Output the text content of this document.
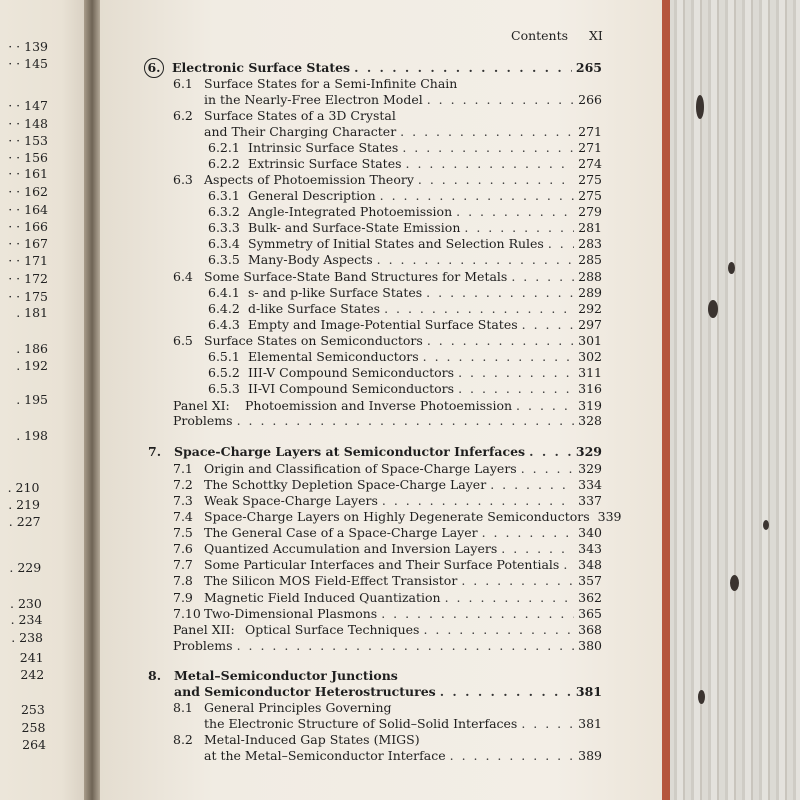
· · 139
· · 145
· · 147
· · 148
· · 153
· · 156
· · 161
· · 162
· · 164
· · 166
· · 167
· · 171
· · 172
· · 175
. 181
. 186
. 192
. 195
. 198
. 210
. 219
. 227
. 229
. 230
. 234
. 238
241
242
253
258
264
Contents XI
6. Electronic Surface States . . .	265
6.1 Surface States for a Semi-Infinite Chain
in the Nearly-Free Electron Model . . .	266
6.2 Surface States of a 3D Crystal
and Their Charging Character . . .	271
6.2.1 Intrinsic Surface States . . .	271
6.2.2 Extrinsic Surface States . . .	274
6.3 Aspects of Photoemission Theory . . .	275
6.3.1 General Description . . .	275
6.3.2 Angle-Integrated Photoemission . . .	279
6.3.3 Bulk- and Surface-State Emission . . .	281
6.3.4 Symmetry of Initial States and Selection Rules . . .	283
6.3.5 Many-Body Aspects . . .	285
6.4 Some Surface-State Band Structures for Metals . . .	288
6.4.1 s- and p-like Surface States . . .	289
6.4.2 d-like Surface States . . .	292
6.4.3 Empty and Image-Potential Surface States . . .	297
6.5 Surface States on Semiconductors . . .	301
6.5.1 Elemental Semiconductors . . .	302
6.5.2 III-V Compound Semiconductors . . .	311
6.5.3 II-VI Compound Semiconductors . . .	316
Panel XI:	Photoemission and Inverse Photoemission . . .	319
Problems . . .	328
7.	Space-Charge Layers at Semiconductor Inferfaces . . .	329
7.1 Origin and Classification of Space-Charge Layers . . .	329
7.2 The Schottky Depletion Space-Charge Layer . . .	334
7.3 Weak Space-Charge Layers . . .	337
7.4 Space-Charge Layers on Highly Degenerate Semiconductors 339
7.5 The General Case of a Space-Charge Layer . . .	340
7.6 Quantized Accumulation and Inversion Layers . . .	343
7.7 Some Particular Interfaces and Their Surface Potentials . . . 348
7.8 The Silicon MOS Field-Effect Transistor . . .	357
7.9 Magnetic Field Induced Quantization . . .	362
7.10 Two-Dimensional Plasmons . . .	365
Panel XII: Optical Surface Techniques . . .	368
Problems . . .	380
8.	Metal–Semiconductor Junctions
and Semiconductor Heterostructures . . .	381
8.1 General Principles Governing
the Electronic Structure of Solid–Solid Interfaces . . .	381
8.2 Metal-Induced Gap States (MIGS)
at the Metal–Semiconductor Interface . . .	389
